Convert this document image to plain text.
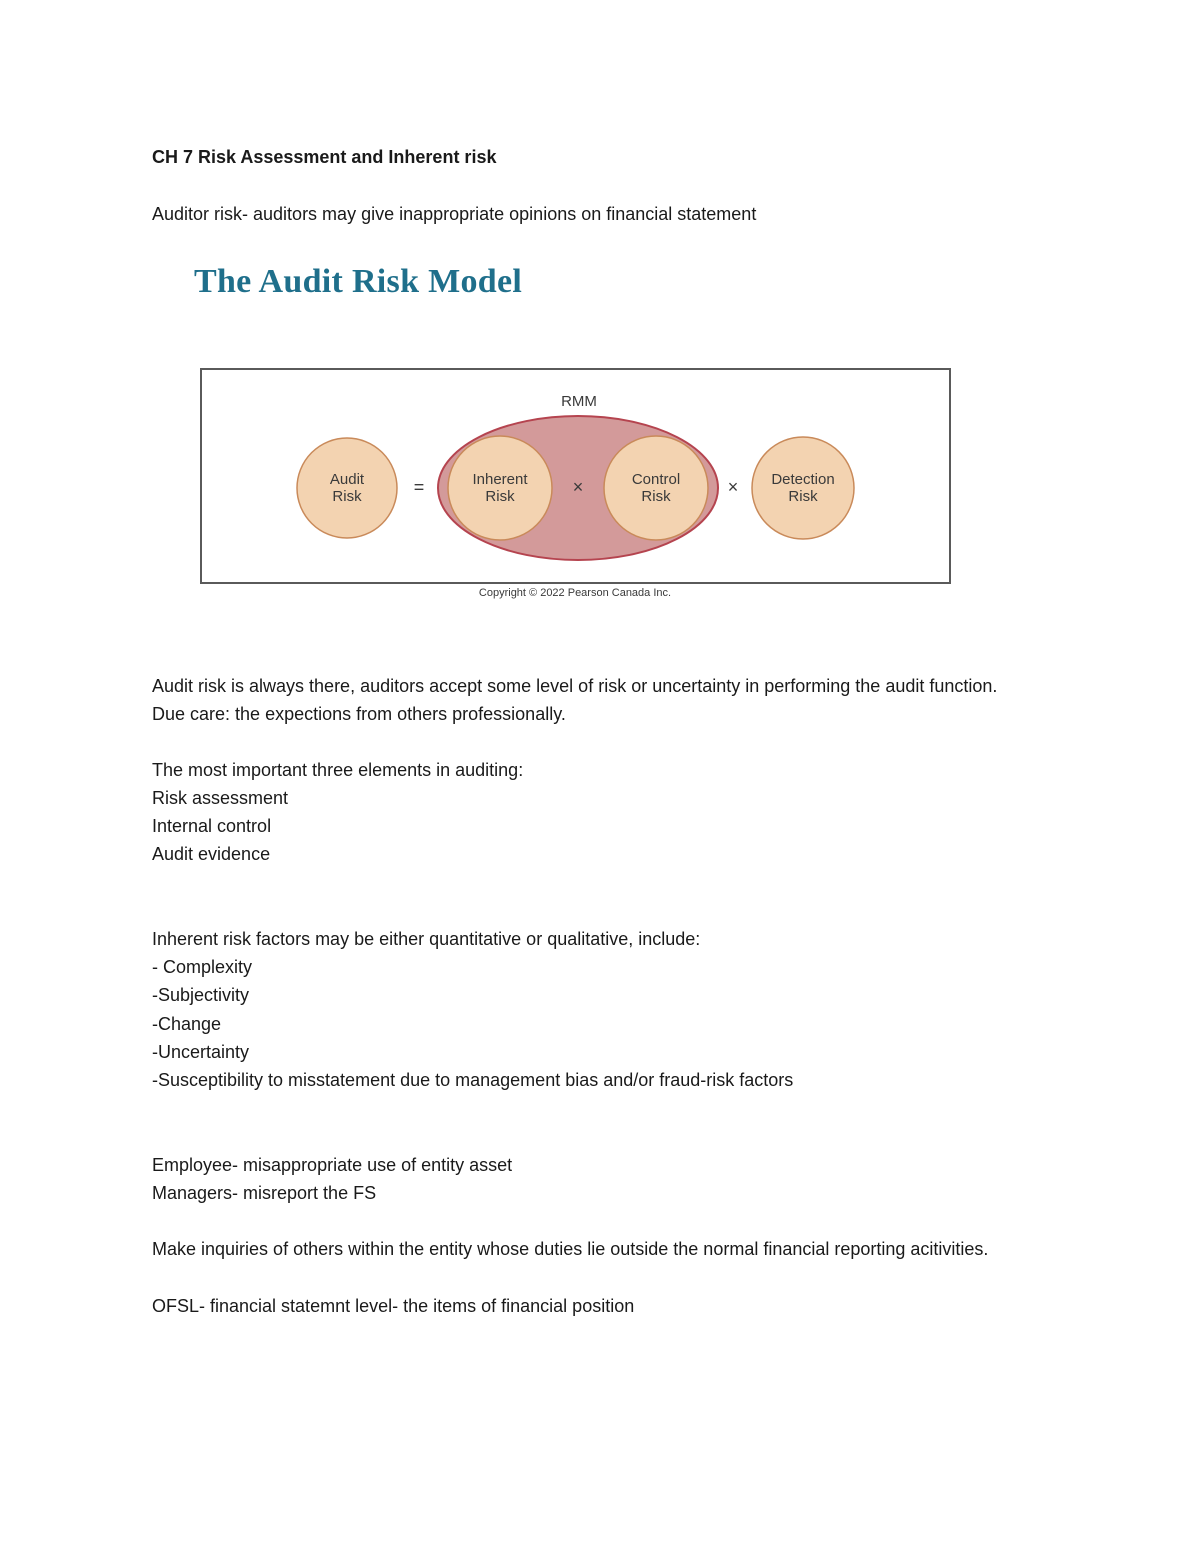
CH 7 Risk Assessment and Inherent risk
Auditor risk- auditors may give inappropriate opinions on financial statement
The Audit Risk Model
RMM
Audit
Risk	=	Inherent
Risk	×	Control
Risk	× Detection
Risk
Copyright © 2022 Pearson Canada Inc.
Audit risk is always there, auditors accept some level of risk or uncertainty in performing the audit function.
Due care: the expections from others professionally.
The most important three elements in auditing:
Risk assessment
Internal control
Audit evidence
Inherent risk factors may be either quantitative or qualitative, include:
- Complexity
-Subjectivity
-Change
-Uncertainty
-Susceptibility to misstatement due to management bias and/or fraud-risk factors
Employee- misappropriate use of entity asset
Managers- misreport the FS
Make inquiries of others within the entity whose duties lie outside the normal financial reporting acitivities.
OFSL- financial statemnt level- the items of financial position
